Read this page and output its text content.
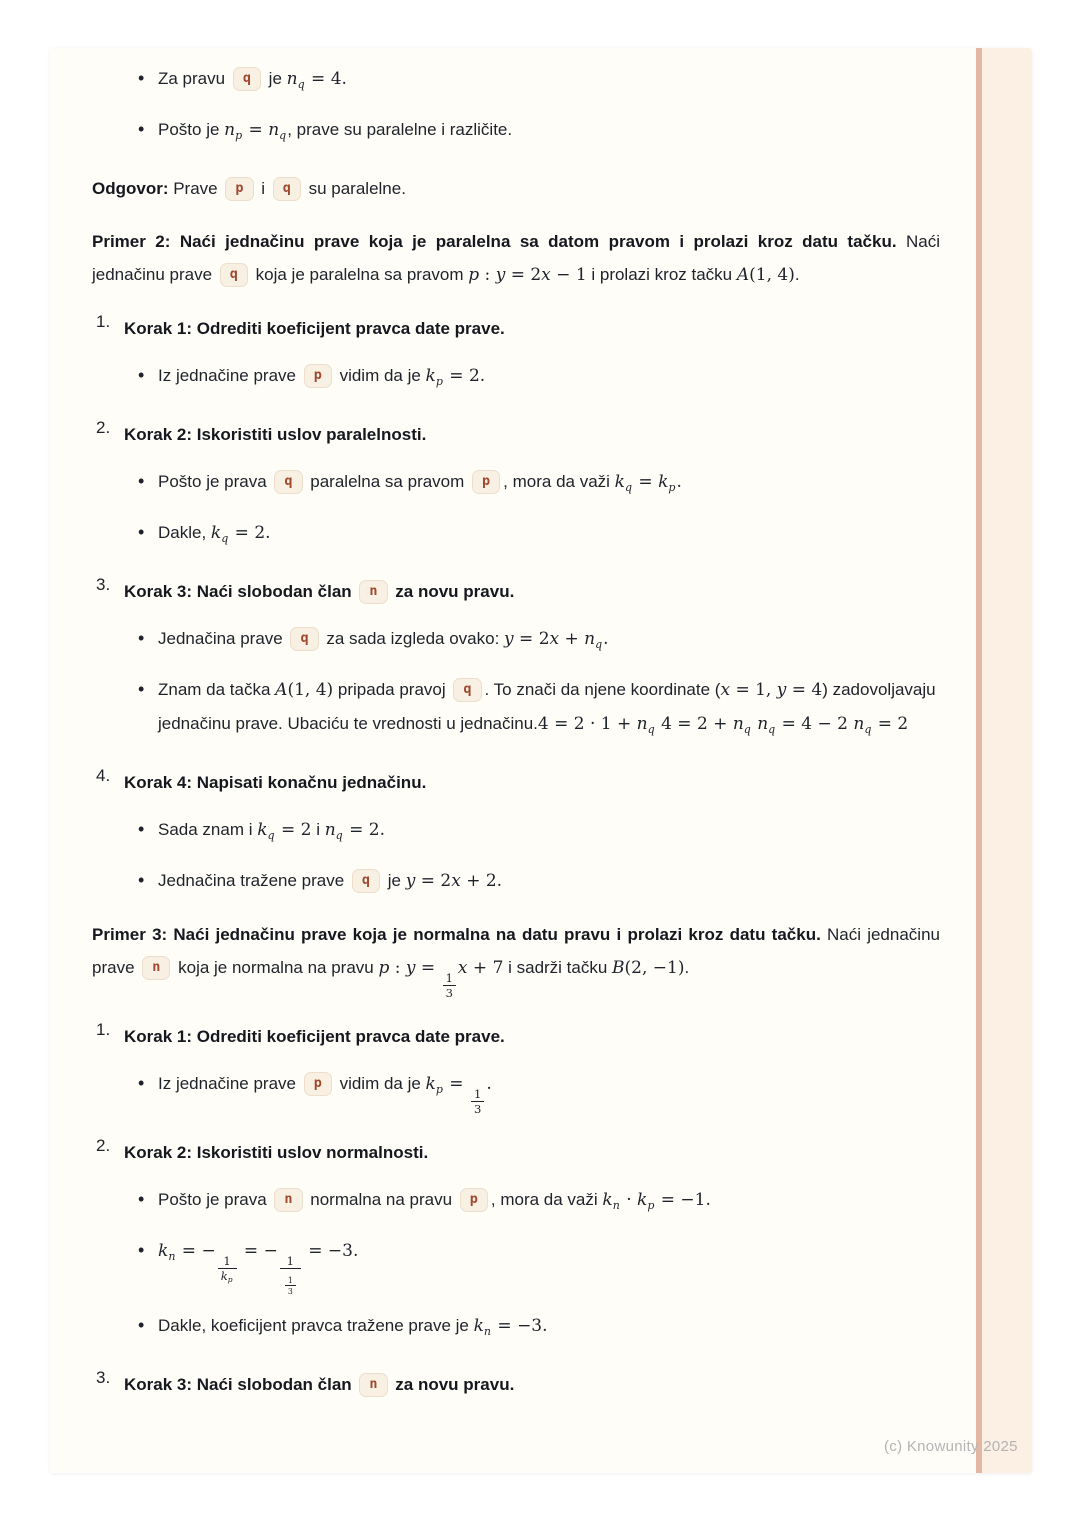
• Za pravu q je $n_q = 4$.
• Pošto je $n_p = n_q$, prave su paralelne i različite.
Odgovor: Prave p i q su paralelne.
Primer 2: Naći jednačinu prave koja je paralelna sa datom pravom i prolazi kroz datu tačku. Naći jednačinu prave q koja je paralelna sa pravom p : y = 2x − 1 i prolazi kroz tačku A(1, 4).
1. Korak 1: Odrediti koeficijent pravca date prave.
• Iz jednačine prave p vidim da je $k_p = 2$.
2. Korak 2: Iskoristiti uslov paralelnosti.
• Pošto je prava q paralelna sa pravom p , mora da važi $k_q = k_p$.
• Dakle, $k_q = 2$.
3. Korak 3: Naći slobodan član n za novu pravu.
• Jednačina prave q za sada izgleda ovako: $y = 2x + n_q$.
• Znam da tačka A(1, 4) pripada pravoj q . To znači da njene koordinate (x = 1, y = 4) zadovoljavaju jednačinu prave. Ubaciću te vrednosti u jednačinu.4 = $2 \cdot 1 + n_q$ $4 = 2 + n_q$ $n_q = 4 - 2$ $n_q = 2$
4. Korak 4: Napisati konačnu jednačinu.
• Sada znam i $k_q = 2$ i $n_q = 2$.
• Jednačina tražene prave q je y = 2x + 2.
Primer 3: Naći jednačinu prave koja je normalna na datu pravu i prolazi kroz datu tačku. Naći jednačinu prave n koja je normalna na pravu p : y =
$\frac{1}{3}$
x + 7 i sadrži tačku B(2, −1).
1. Korak 1: Odrediti koeficijent pravca date prave.
• Iz jednačine prave p vidim da je $k_p$ =
$\frac{1}{3}$
.
2. Korak 2: Iskoristiti uslov normalnosti.
• Pošto je prava n normalna na pravu p , mora da važi $k_n \cdot k_p = -1$.
• $k_n$ = −
$\frac{1}{kp}$
= −
$\frac{1}{\frac{1}{3}}$
= −3.
• Dakle, koeficijent pravca tražene prave je $k_n = -3$.
3. Korak 3: Naći slobodan član n za novu pravu.
(c) Knowunity 2025
